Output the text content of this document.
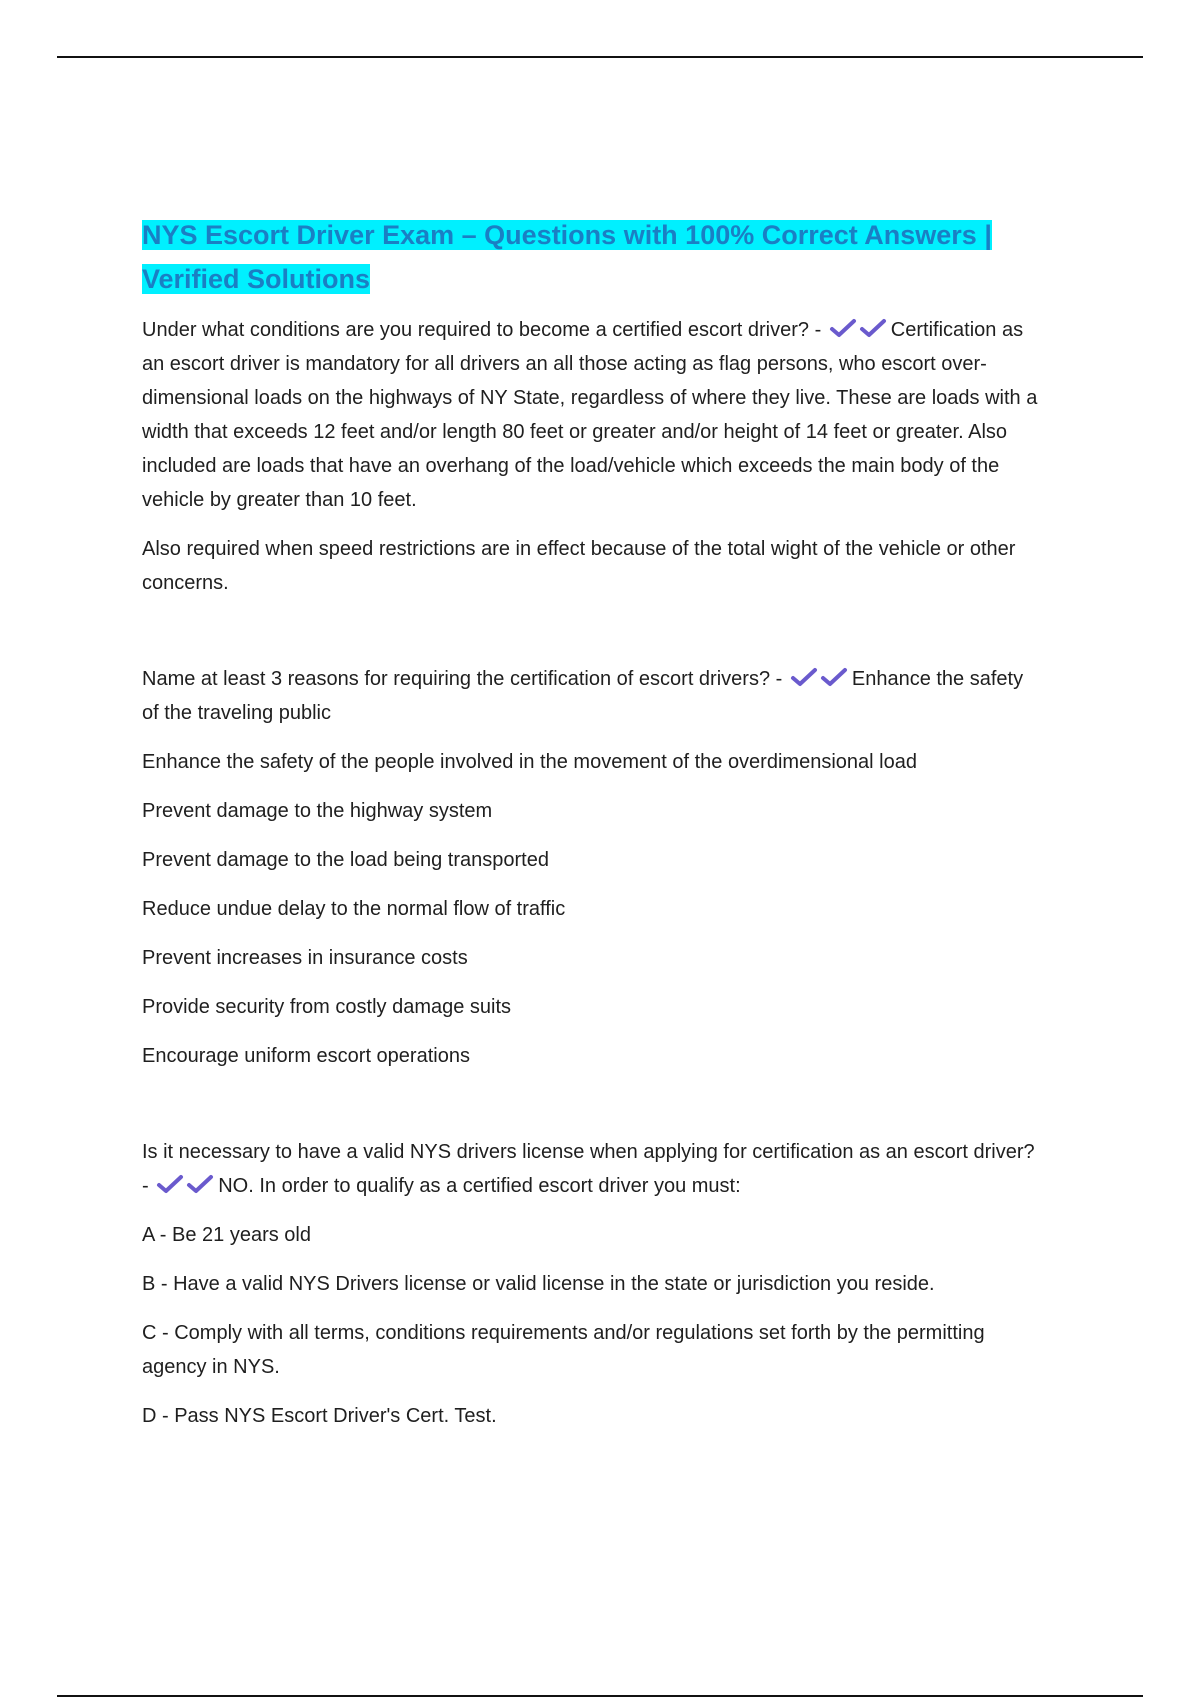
NYS Escort Driver Exam – Questions with 100% Correct Answers | Verified Solutions

Under what conditions are you required to become a certified escort driver? -	Certification as an escort driver is mandatory for all drivers an all those acting as flag persons, who escort over-dimensional loads on the highways of NY State, regardless of where they live. These are loads with a width that exceeds 12 feet and/or length 80 feet or greater and/or height of 14 feet or greater. Also included are loads that have an overhang of the load/vehicle which exceeds the main body of the vehicle by greater than 10 feet.

Also required when speed restrictions are in effect because of the total wight of the vehicle or other concerns.

Name at least 3 reasons for requiring the certification of escort drivers? -	Enhance the safety of the traveling public

Enhance the safety of the people involved in the movement of the overdimensional load

Prevent damage to the highway system

Prevent damage to the load being transported

Reduce undue delay to the normal flow of traffic

Prevent increases in insurance costs

Provide security from costly damage suits

Encourage uniform escort operations

Is it necessary to have a valid NYS drivers license when applying for certification as an escort driver? -	NO. In order to qualify as a certified escort driver you must:

A - Be 21 years old

B - Have a valid NYS Drivers license or valid license in the state or jurisdiction you reside.

C - Comply with all terms, conditions requirements and/or regulations set forth by the permitting agency in NYS.

D - Pass NYS Escort Driver's Cert. Test.
